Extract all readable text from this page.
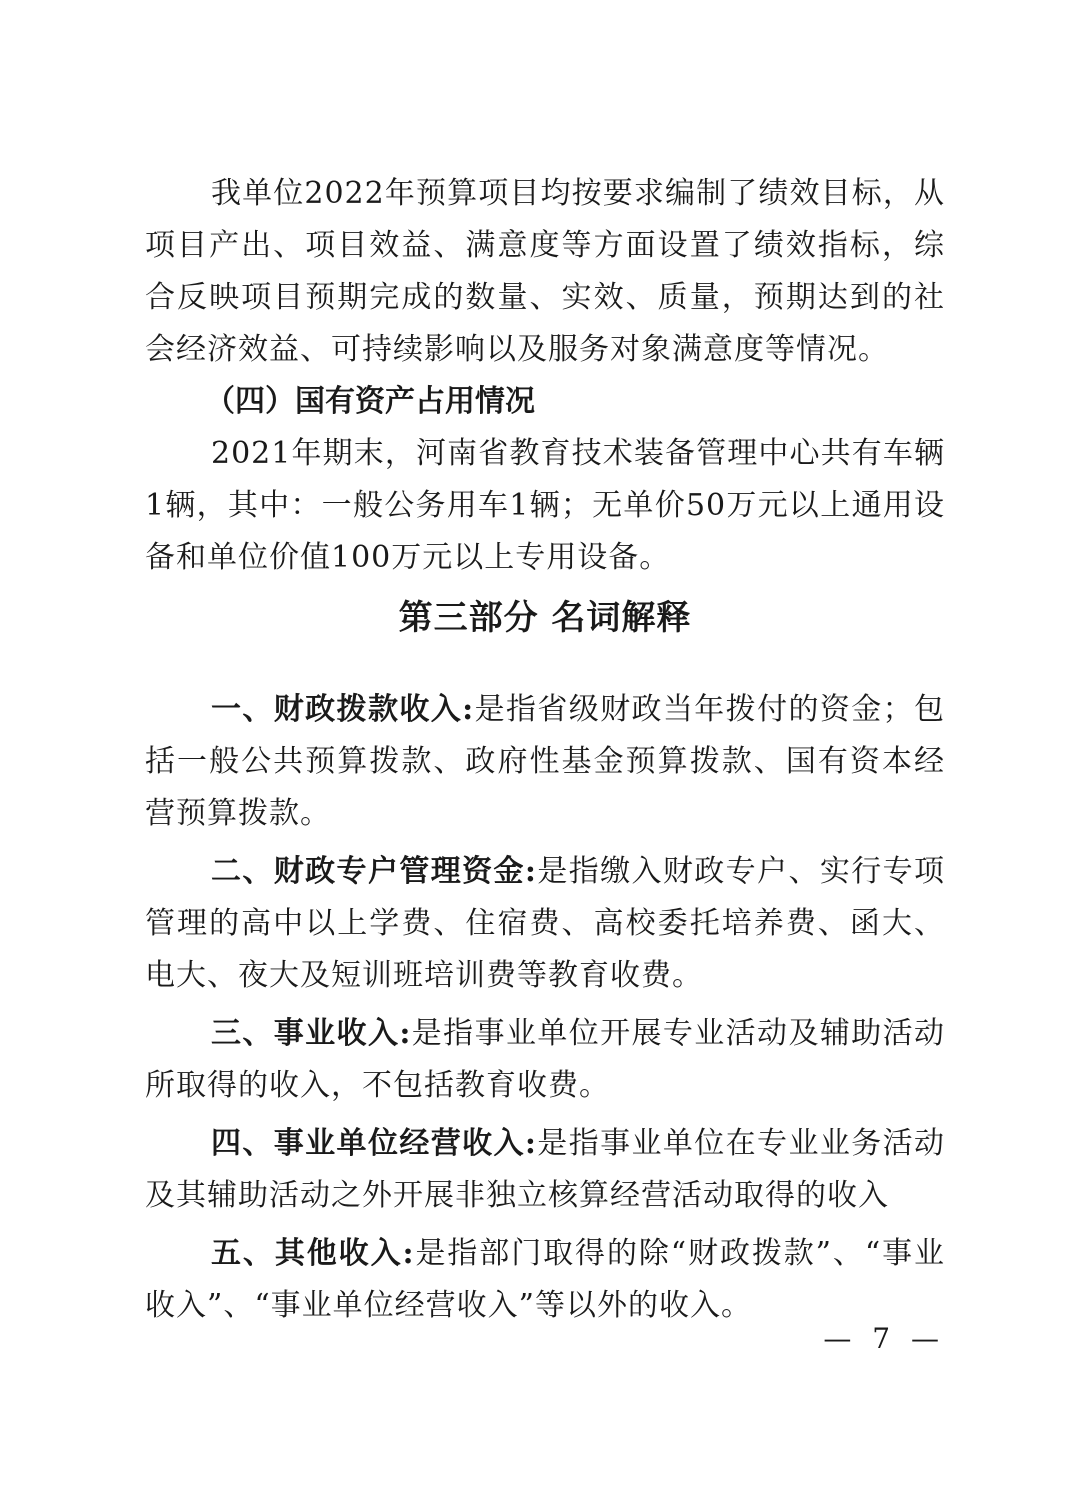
我单位2022年预算项目均按要求编制了绩效目标，从项目产出、项目效益、满意度等方面设置了绩效指标，综合反映项目预期完成的数量、实效、质量，预期达到的社会经济效益、可持续影响以及服务对象满意度等情况。

（四）国有资产占用情况

2021年期末，河南省教育技术装备管理中心共有车辆1辆，其中：一般公务用车1辆；无单价50万元以上通用设备和单位价值100万元以上专用设备。

第三部分 名词解释

一、财政拨款收入:是指省级财政当年拨付的资金；包括一般公共预算拨款、政府性基金预算拨款、国有资本经营预算拨款。

二、财政专户管理资金:是指缴入财政专户、实行专项管理的高中以上学费、住宿费、高校委托培养费、函大、电大、夜大及短训班培训费等教育收费。

三、事业收入:是指事业单位开展专业活动及辅助活动所取得的收入，不包括教育收费。

四、事业单位经营收入:是指事业单位在专业业务活动及其辅助活动之外开展非独立核算经营活动取得的收入

五、其他收入:是指部门取得的除“财政拨款”、“事业收入”、“事业单位经营收入”等以外的收入。

— 7 —
